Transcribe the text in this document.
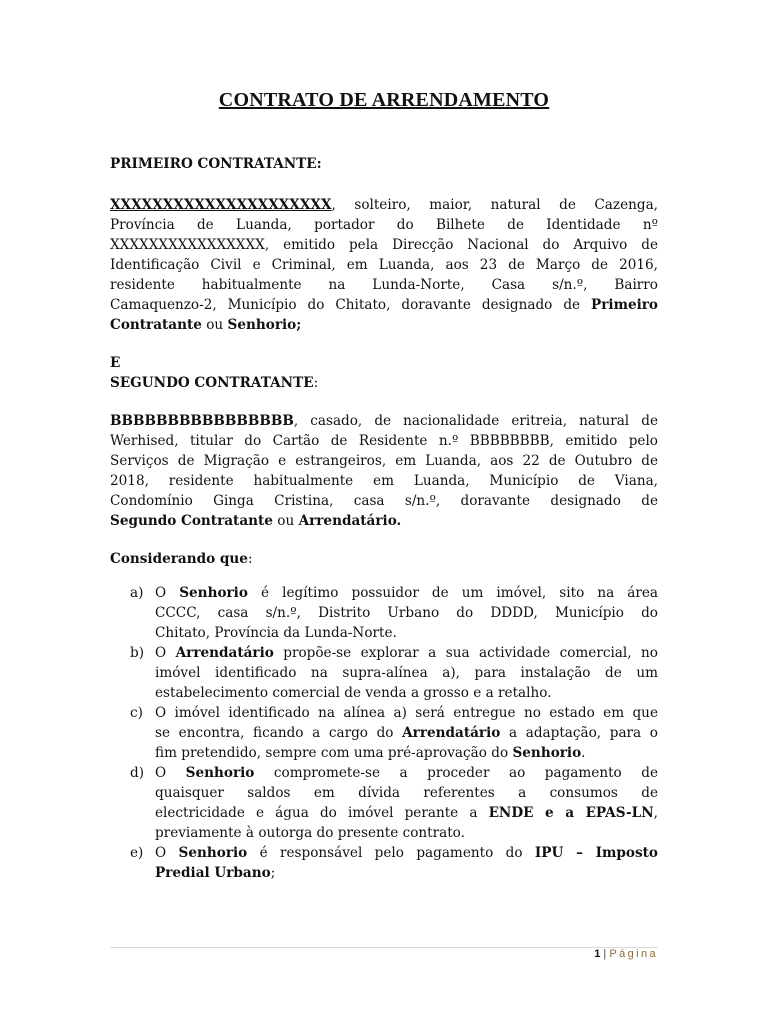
CONTRATO DE ARRENDAMENTO
PRIMEIRO CONTRATANTE:
XXXXXXXXXXXXXXXXXXXXX, solteiro, maior, natural de Cazenga,
Província de Luanda, portador do Bilhete de Identidade nº
XXXXXXXXXXXXXXXX, emitido pela Direcção Nacional do Arquivo de
Identificação Civil e Criminal, em Luanda, aos 23 de Março de 2016,
residente habitualmente na Lunda-Norte, Casa s/n.º, Bairro
Camaquenzo-2, Município do Chitato, doravante designado de Primeiro
Contratante ou Senhorio;
E
SEGUNDO CONTRATANTE:
BBBBBBBBBBBBBBBB, casado, de nacionalidade eritreia, natural de
Werhised, titular do Cartão de Residente n.º BBBBBBBB, emitido pelo
Serviços de Migração e estrangeiros, em Luanda, aos 22 de Outubro de
2018, residente habitualmente em Luanda, Município de Viana,
Condomínio Ginga Cristina, casa s/n.º, doravante designado de
Segundo Contratante ou Arrendatário.
Considerando que:
a) O Senhorio é legítimo possuidor de um imóvel, sito na área
CCCC, casa s/n.º, Distrito Urbano do DDDD, Município do
Chitato, Província da Lunda-Norte.
b) O Arrendatário propõe-se explorar a sua actividade comercial, no
imóvel identificado na supra-alínea a), para instalação de um
estabelecimento comercial de venda a grosso e a retalho.
c) O imóvel identificado na alínea a) será entregue no estado em que
se encontra, ficando a cargo do Arrendatário a adaptação, para o
fim pretendido, sempre com uma pré-aprovação do Senhorio.
d) O Senhorio compromete-se a proceder ao pagamento de
quaisquer saldos em dívida referentes a consumos de
electricidade e água do imóvel perante a ENDE e a EPAS-LN,
previamente à outorga do presente contrato.
e) O Senhorio é responsável pelo pagamento do IPU – Imposto
Predial Urbano;
1 | Página
